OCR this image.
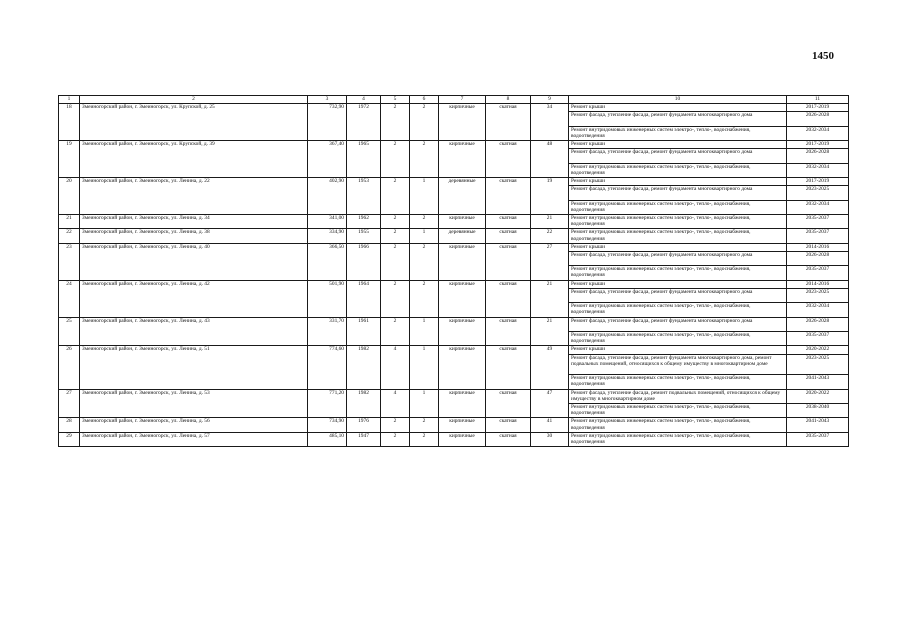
1450
1	2	3	4	5	6	7	8	9	10	11
18	Змеиногорский район, г. Змеиногорск, ул. Крупской, д. 25	732,90	1972	2	2	кирпичные	скатная	34	Ремонт крыши	2017-2019
									Ремонт фасада, утепление фасада, ремонт фундамента многоквартирного дома	2026-2028
									Ремонт внутридомовых инженерных систем электро-, тепло-, водоснабжения, водоотведения	2032-2034
19	Змеиногорский район, г. Змеиногорск, ул. Крупской, д. 39	367,40	1965	2	2	кирпичные	скатная	48	Ремонт крыши	2017-2019
									Ремонт фасада, утепление фасада, ремонт фундамента многоквартирного дома	2026-2028
									Ремонт внутридомовых инженерных систем электро-, тепло-, водоснабжения, водоотведения	2032-2034
20	Змеиногорский район, г. Змеиногорск, ул. Ленина, д. 22	402,90	1953	2	1	деревянные	скатная	19	Ремонт крыши	2017-2019
									Ремонт фасада, утепление фасада, ремонт фундамента многоквартирного дома	2023-2025
									Ремонт внутридомовых инженерных систем электро-, тепло-, водоснабжения, водоотведения	2032-2034
21	Змеиногорский район, г. Змеиногорск, ул. Ленина, д. 34	341,00	1962	2	2	кирпичные	скатная	21	Ремонт внутридомовых инженерных систем электро-, тепло-, водоснабжения, водоотведения	2035-2037
22	Змеиногорский район, г. Змеиногорск, ул. Ленина, д. 38	334,90	1955	2	1	деревянные	скатная	22	Ремонт внутридомовых инженерных систем электро-, тепло-, водоснабжения, водоотведения	2035-2037
23	Змеиногорский район, г. Змеиногорск, ул. Ленина, д. 40	366,50	1966	2	2	кирпичные	скатная	27	Ремонт крыши	2014-2016
									Ремонт фасада, утепление фасада, ремонт фундамента многоквартирного дома	2026-2028
									Ремонт внутридомовых инженерных систем электро-, тепло-, водоснабжения, водоотведения	2035-2037
24	Змеиногорский район, г. Змеиногорск, ул. Ленина, д. 42	501,90	1964	2	2	кирпичные	скатная	21	Ремонт крыши	2014-2016
									Ремонт фасада, утепление фасада, ремонт фундамента многоквартирного дома	2023-2025
									Ремонт внутридомовых инженерных систем электро-, тепло-, водоснабжения, водоотведения	2032-2034
25	Змеиногорский район, г. Змеиногорск, ул. Ленина, д. 43	331,70	1961	2	1	кирпичные	скатная	21	Ремонт фасада, утепление фасада, ремонт фундамента многоквартирного дома	2026-2028
									Ремонт внутридомовых инженерных систем электро-, тепло-, водоснабжения, водоотведения	2035-2037
26	Змеиногорский район, г. Змеиногорск, ул. Ленина, д. 51	774,60	1982	4	1	кирпичные	скатная	49	Ремонт крыши	2020-2022
									Ремонт фасада, утепление фасада, ремонт фундамента многоквартирного дома, ремонт подвальных помещений, относящихся к общему имуществу в многоквартирном доме	2023-2025
									Ремонт внутридомовых инженерных систем электро-, тепло-, водоснабжения, водоотведения	2041-2043
27	Змеиногорский район, г. Змеиногорск, ул. Ленина, д. 53	771,20	1982	4	1	кирпичные	скатная	47	Ремонт фасада, утепление фасада, ремонт подвальных помещений, относящихся к общему имуществу в многоквартирном доме	2020-2022
									Ремонт внутридомовых инженерных систем электро-, тепло-, водоснабжения, водоотведения	2038-2040
28	Змеиногорский район, г. Змеиногорск, ул. Ленина, д. 56	734,90	1976	2	2	кирпичные	скатная	41	Ремонт внутридомовых инженерных систем электро-, тепло-, водоснабжения, водоотведения	2041-2043
29	Змеиногорский район, г. Змеиногорск, ул. Ленина, д. 57	485,10	1947	2	2	кирпичные	скатная	30	Ремонт внутридомовых инженерных систем электро-, тепло-, водоснабжения, водоотведения	2035-2037
